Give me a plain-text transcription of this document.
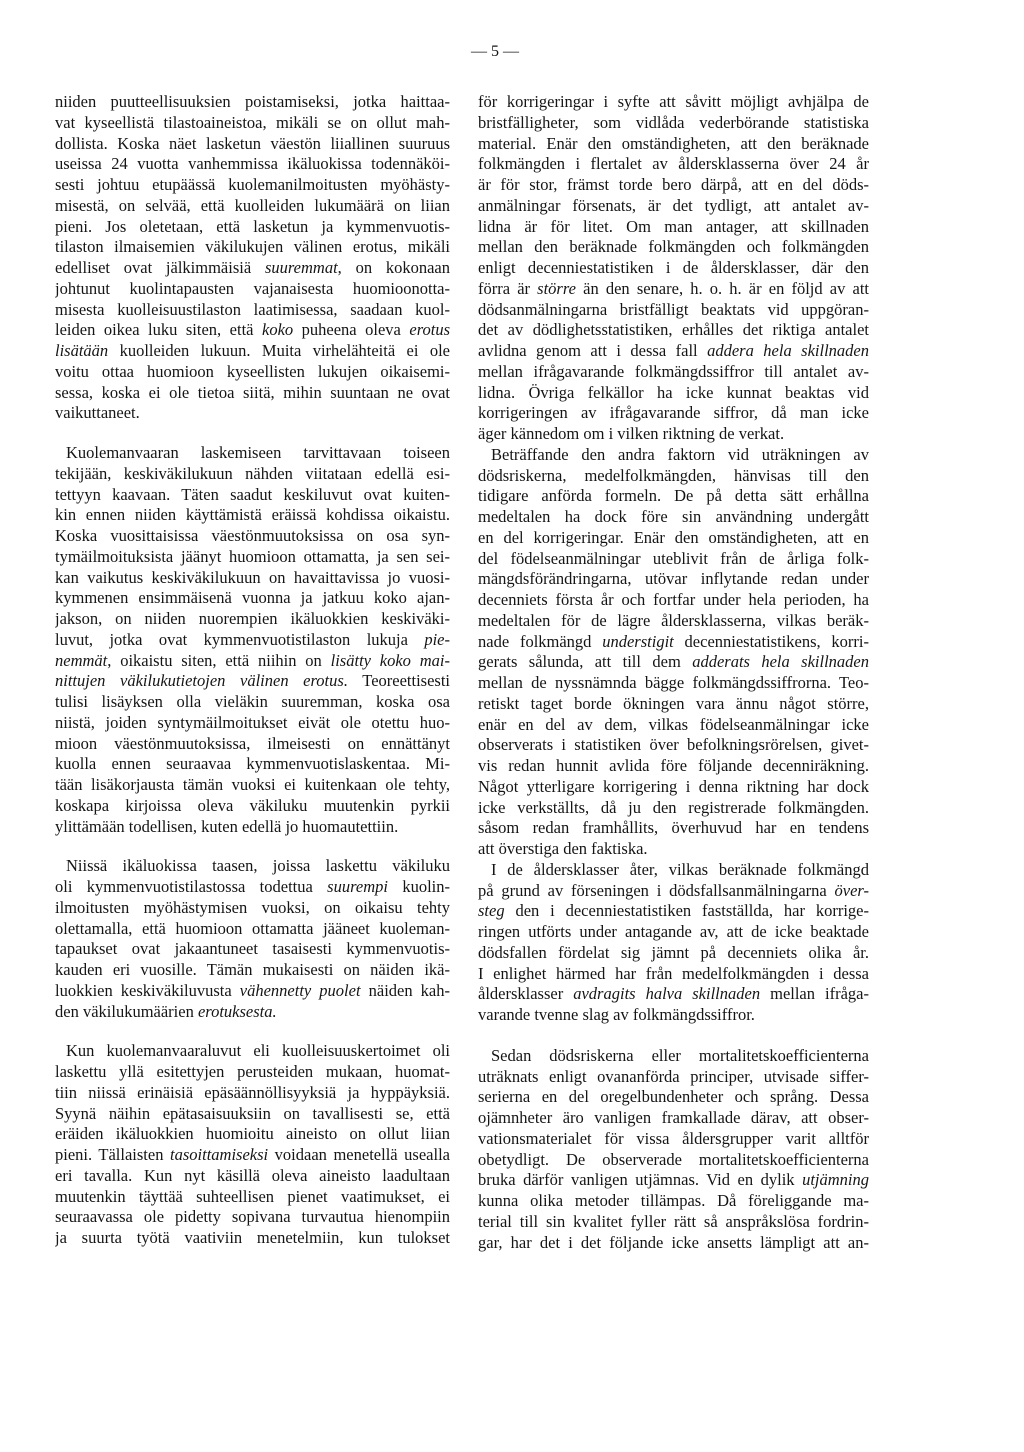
— 5 —
niiden puutteellisuuksien poistamiseksi, jotka haittaa-
vat kyseellistä tilastoaineistoa, mikäli se on ollut mah-
dollista. Koska näet lasketun väestön liiallinen suuruus
useissa 24 vuotta vanhemmissa ikäluokissa todennäköi-
sesti johtuu etupäässä kuolemanilmoitusten myöhästy-
misestä, on selvää, että kuolleiden lukumäärä on liian
pieni. Jos oletetaan, että lasketun ja kymmenvuotis-
tilaston ilmaisemien väkilukujen välinen erotus, mikäli
edelliset ovat jälkimmäisiä suuremmat, on kokonaan
johtunut kuolintapausten vajanaisesta huomioonotta-
misesta kuolleisuustilaston laatimisessa, saadaan kuol-
leiden oikea luku siten, että koko puheena oleva erotus
lisätään kuolleiden lukuun. Muita virhelähteitä ei ole
voitu ottaa huomioon kyseellisten lukujen oikaisemi-
sessa, koska ei ole tietoa siitä, mihin suuntaan ne ovat
vaikuttaneet.
Kuolemanvaaran laskemiseen tarvittavaan toiseen
tekijään, keskiväkilukuun nähden viitataan edellä esi-
tettyyn kaavaan. Täten saadut keskiluvut ovat kuiten-
kin ennen niiden käyttämistä eräissä kohdissa oikaistu.
Koska vuosittaisissa väestönmuutoksissa on osa syn-
tymäilmoituksista jäänyt huomioon ottamatta, ja sen sei-
kan vaikutus keskiväkilukuun on havaittavissa jo vuosi-
kymmenen ensimmäisenä vuonna ja jatkuu koko ajan-
jakson, on niiden nuorempien ikäluokkien keskiväki-
luvut, jotka ovat kymmenvuotistilaston lukuja pie-
nemmät, oikaistu siten, että niihin on lisätty koko mai-
nittujen väkilukutietojen välinen erotus. Teoreettisesti
tulisi lisäyksen olla vieläkin suuremman, koska osa
niistä, joiden syntymäilmoitukset eivät ole otettu huo-
mioon väestönmuutoksissa, ilmeisesti on ennättänyt
kuolla ennen seuraavaa kymmenvuotislaskentaa. Mi-
tään lisäkorjausta tämän vuoksi ei kuitenkaan ole tehty,
koskapa kirjoissa oleva väkiluku muutenkin pyrkii
ylittämään todellisen, kuten edellä jo huomautettiin.
Niissä ikäluokissa taasen, joissa laskettu väkiluku
oli kymmenvuotistilastossa todettua suurempi kuolin-
ilmoitusten myöhästymisen vuoksi, on oikaisu tehty
olettamalla, että huomioon ottamatta jääneet kuoleman-
tapaukset ovat jakaantuneet tasaisesti kymmenvuotis-
kauden eri vuosille. Tämän mukaisesti on näiden ikä-
luokkien keskiväkiluvusta vähennetty puolet näiden kah-
den väkilukumäärien erotuksesta.
Kun kuolemanvaaraluvut eli kuolleisuuskertoimet oli
laskettu yllä esitettyjen perusteiden mukaan, huomat-
tiin niissä erinäisiä epäsäännöllisyyksiä ja hyppäyksiä.
Syynä näihin epätasaisuuksiin on tavallisesti se, että
eräiden ikäluokkien huomioitu aineisto on ollut liian
pieni. Tällaisten tasoittamiseksi voidaan menetellä usealla
eri tavalla. Kun nyt käsillä oleva aineisto laadultaan
muutenkin täyttää suhteellisen pienet vaatimukset, ei
seuraavassa ole pidetty sopivana turvautua hienompiin
ja suurta työtä vaativiin menetelmiin, kun tulokset
för korrigeringar i syfte att såvitt möjligt avhjälpa de
bristfälligheter, som vidlåda vederbörande statistiska
material. Enär den omständigheten, att den beräknade
folkmängden i flertalet av åldersklasserna över 24 år
är för stor, främst torde bero därpå, att en del döds-
anmälningar försenats, är det tydligt, att antalet av-
lidna är för litet. Om man antager, att skillnaden
mellan den beräknade folkmängden och folkmängden
enligt decenniestatistiken i de åldersklasser, där den
förra är större än den senare, h. o. h. är en följd av att
dödsanmälningarna bristfälligt beaktats vid uppgöran-
det av dödlighetsstatistiken, erhålles det riktiga antalet
avlidna genom att i dessa fall addera hela skillnaden
mellan ifrågavarande folkmängdssiffror till antalet av-
lidna. Övriga felkällor ha icke kunnat beaktas vid
korrigeringen av ifrågavarande siffror, då man icke
äger kännedom om i vilken riktning de verkat.
Beträffande den andra faktorn vid uträkningen av
dödsriskerna, medelfolkmängden, hänvisas till den
tidigare anförda formeln. De på detta sätt erhållna
medeltalen ha dock före sin användning undergått
en del korrigeringar. Enär den omständigheten, att en
del födelseanmälningar uteblivit från de årliga folk-
mängdsförändringarna, utövar inflytande redan under
decenniets första år och fortfar under hela perioden, ha
medeltalen för de lägre åldersklasserna, vilkas beräk-
nade folkmängd understigit decenniestatistikens, korri-
gerats sålunda, att till dem adderats hela skillnaden
mellan de nyssnämnda bägge folkmängdssiffrorna. Teo-
retiskt taget borde ökningen vara ännu något större,
enär en del av dem, vilkas födelseanmälningar icke
observerats i statistiken över befolkningsrörelsen, givet-
vis redan hunnit avlida före följande decenniräkning.
Något ytterligare korrigering i denna riktning har dock
icke verkställts, då ju den registrerade folkmängden.
såsom redan framhållits, överhuvud har en tendens
att överstiga den faktiska.
I de åldersklasser åter, vilkas beräknade folkmängd
på grund av förseningen i dödsfallsanmälningarna över-
steg den i decenniestatistiken fastställda, har korrige-
ringen utförts under antagande av, att de icke beaktade
dödsfallen fördelat sig jämnt på decenniets olika år.
I enlighet härmed har från medelfolkmängden i dessa
åldersklasser avdragits halva skillnaden mellan ifråga-
varande tvenne slag av folkmängdssiffror.
Sedan dödsriskerna eller mortalitetskoefficienterna
uträknats enligt ovananförda principer, utvisade siffer-
serierna en del oregelbundenheter och språng. Dessa
ojämnheter äro vanligen framkallade därav, att obser-
vationsmaterialet för vissa åldersgrupper varit alltför
obetydligt. De observerade mortalitetskoefficienterna
bruka därför vanligen utjämnas. Vid en dylik utjämning
kunna olika metoder tillämpas. Då föreliggande ma-
terial till sin kvalitet fyller rätt så anspråkslösa fordrin-
gar, har det i det följande icke ansetts lämpligt att an-
